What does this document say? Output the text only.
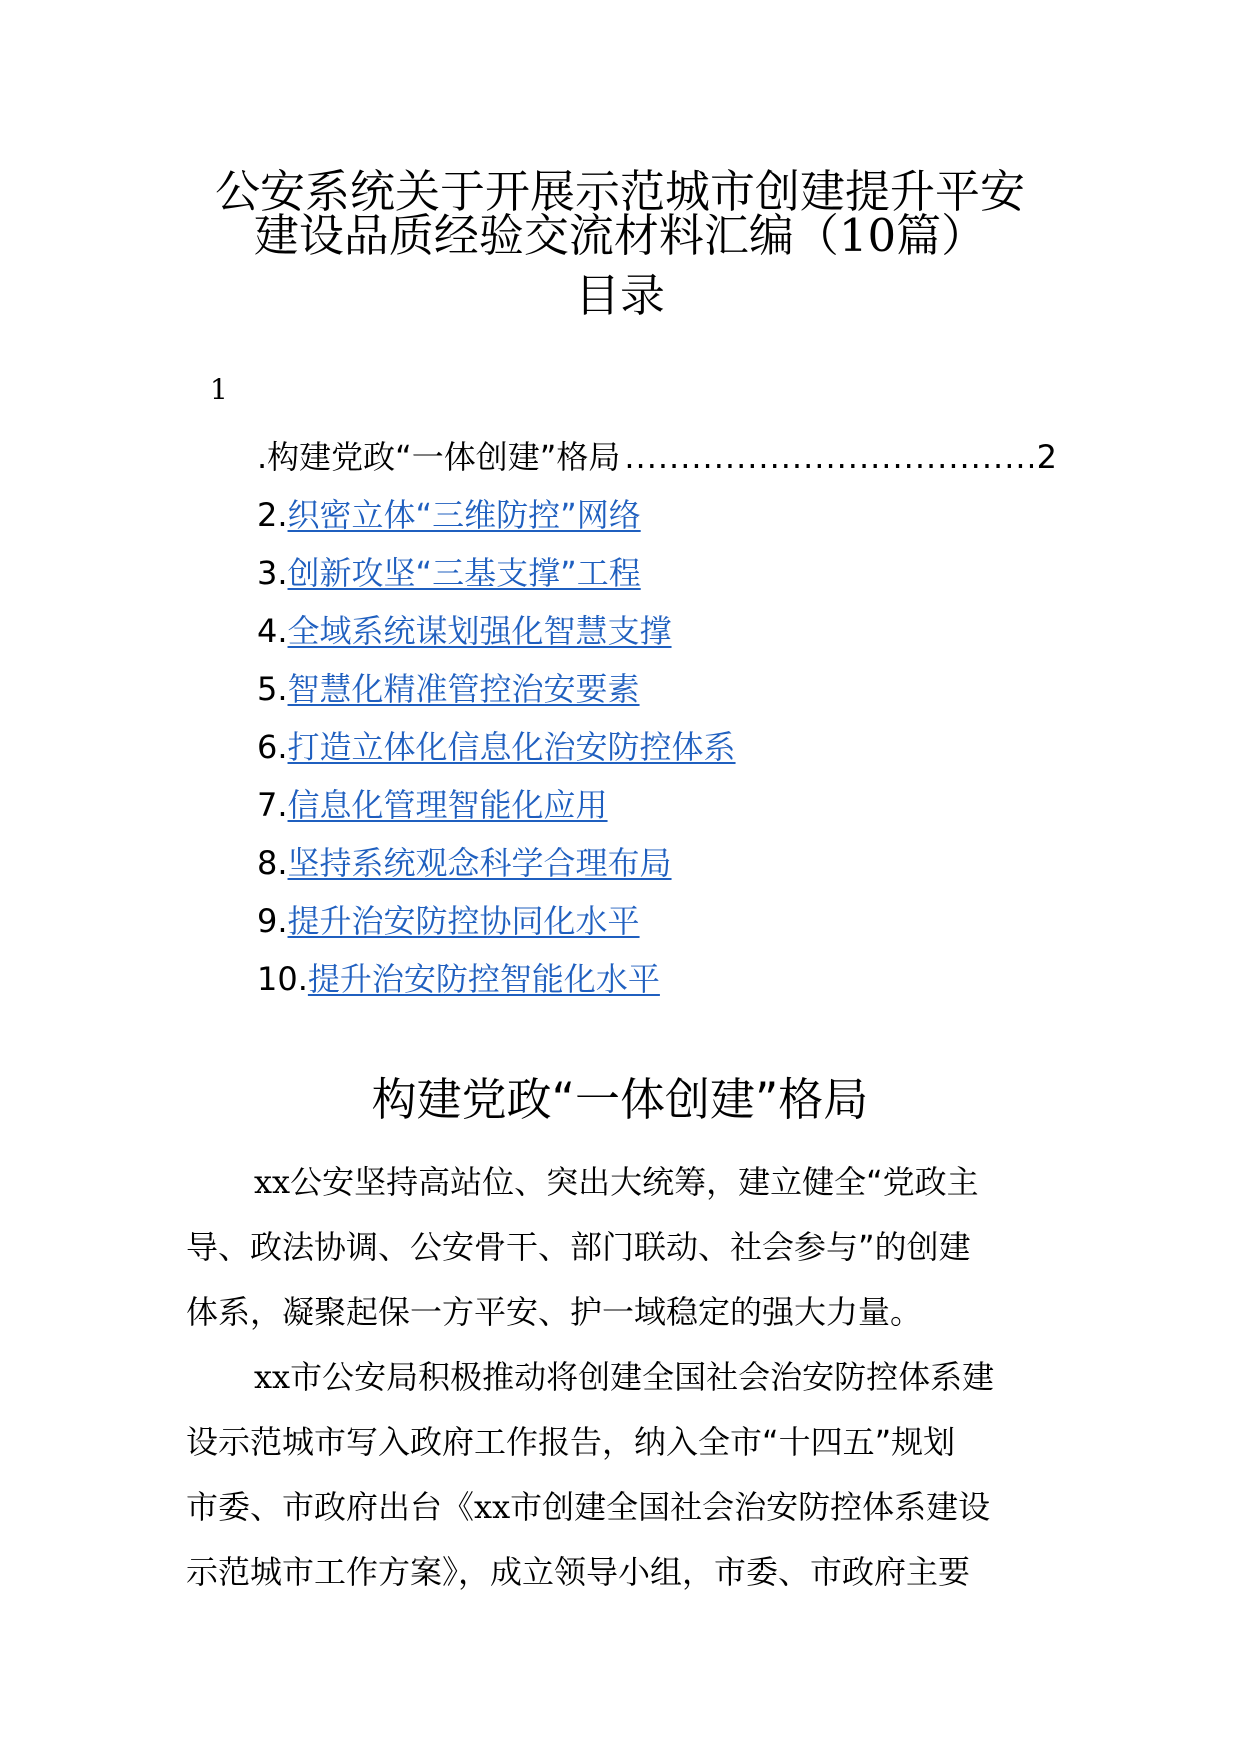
公安系统关于开展示范城市创建提升平安
建设品质经验交流材料汇编（10篇）
目录
1
.构建党政“一体创建”格局
.....	2
2.织密立体“三维防控”网络
3.创新攻坚“三基支撑”工程
4.全域系统谋划强化智慧支撑
5.智慧化精准管控治安要素
6.打造立体化信息化治安防控体系
7.信息化管理智能化应用
8.坚持系统观念科学合理布局
9.提升治安防控协同化水平
10.提升治安防控智能化水平
构建党政“一体创建”格局
xx公安坚持高站位、突出大统筹，建立健全“党政主
导、政法协调、公安骨干、部门联动、社会参与”的创建
体系，凝聚起保一方平安、护一域稳定的强大力量。
xx市公安局积极推动将创建全国社会治安防控体系建
设示范城市写入政府工作报告，纳入全市“十四五”规划
市委、市政府出台《xx市创建全国社会治安防控体系建设
示范城市工作方案》，成立领导小组，市委、市政府主要
